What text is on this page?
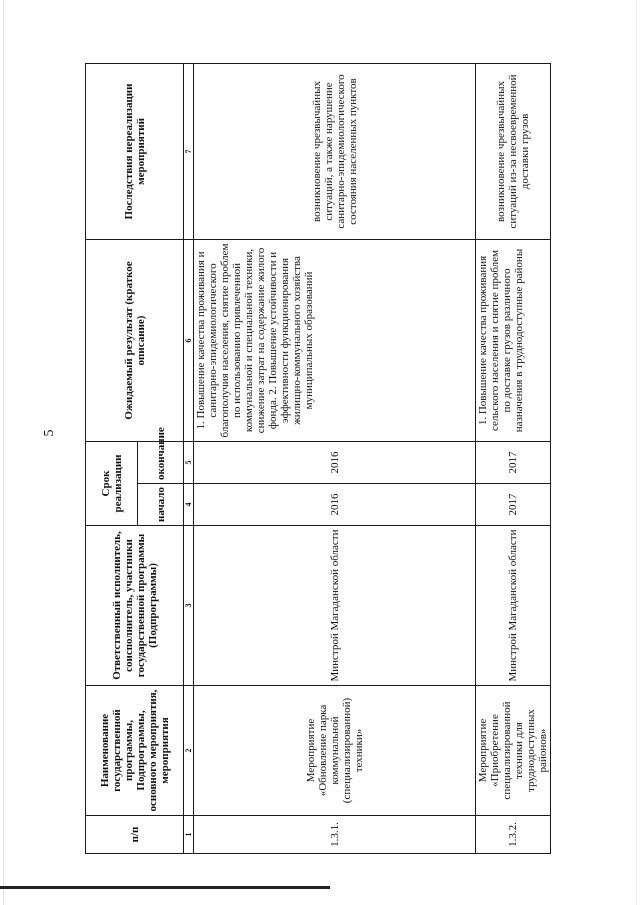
5
п/п	Наименование государственной программы, Подпрограммы, основного мероприятия, мероприятия	Ответственный исполнитель, соисполнитель, участники государственной программы (Подпрограммы)	Срок реализации		Ожидаемый результат (краткое описание)	Последствия нереализации мероприятий
			начало	окончание		
1	2	3	4	5	6	7
1.3.1.	Мероприятие «Обновление парка коммунальной (специализированной) техники»	Минстрой Магаданской области	2016	2016	1. Повышение качества проживания и санитарно-эпидемиологического благополучия населения, снятие проблем по использованию привлеченной коммунальной и специальной техники, снижение затрат на содержание жилого фонда. 2. Повышение устойчивости и эффективности функционирования жилищно-коммунального хозяйства муниципальных образований	возникновение чрезвычайных ситуаций, а также нарушение санитарно-эпидемиологического состояния населенных пунктов
1.3.2.	Мероприятие «Приобретение специализированной техники для труднодоступных районов»	Минстрой Магаданской области	2017	2017	1. Повышение качества проживания сельского населения и снятие проблем по доставке грузов различного назначения в труднодоступные районы	возникновение чрезвычайных ситуаций из-за несвоевременной доставки грузов
